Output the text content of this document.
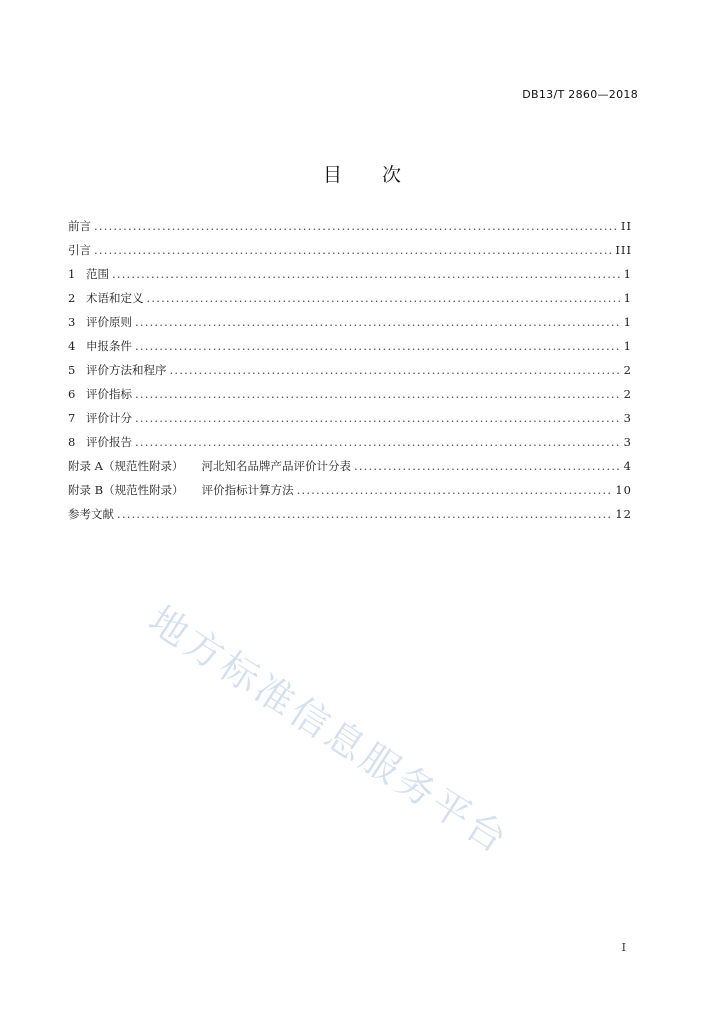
DB13/T 2860—2018
目 次
前言 .....	II
引言 .....	III
1 范围 .....	1
2 术语和定义 .....	1
3 评价原则 .....	1
4 申报条件 .....	1
5 评价方法和程序 .....	2
6 评价指标 .....	2
7 评价计分 .....	3
8 评价报告 .....	3
附录 A（规范性附录） 河北知名品牌产品评价计分表 .....	4
附录 B（规范性附录） 评价指标计算方法 .....	10
参考文献 .....	12
地方标准信息服务平台
I
